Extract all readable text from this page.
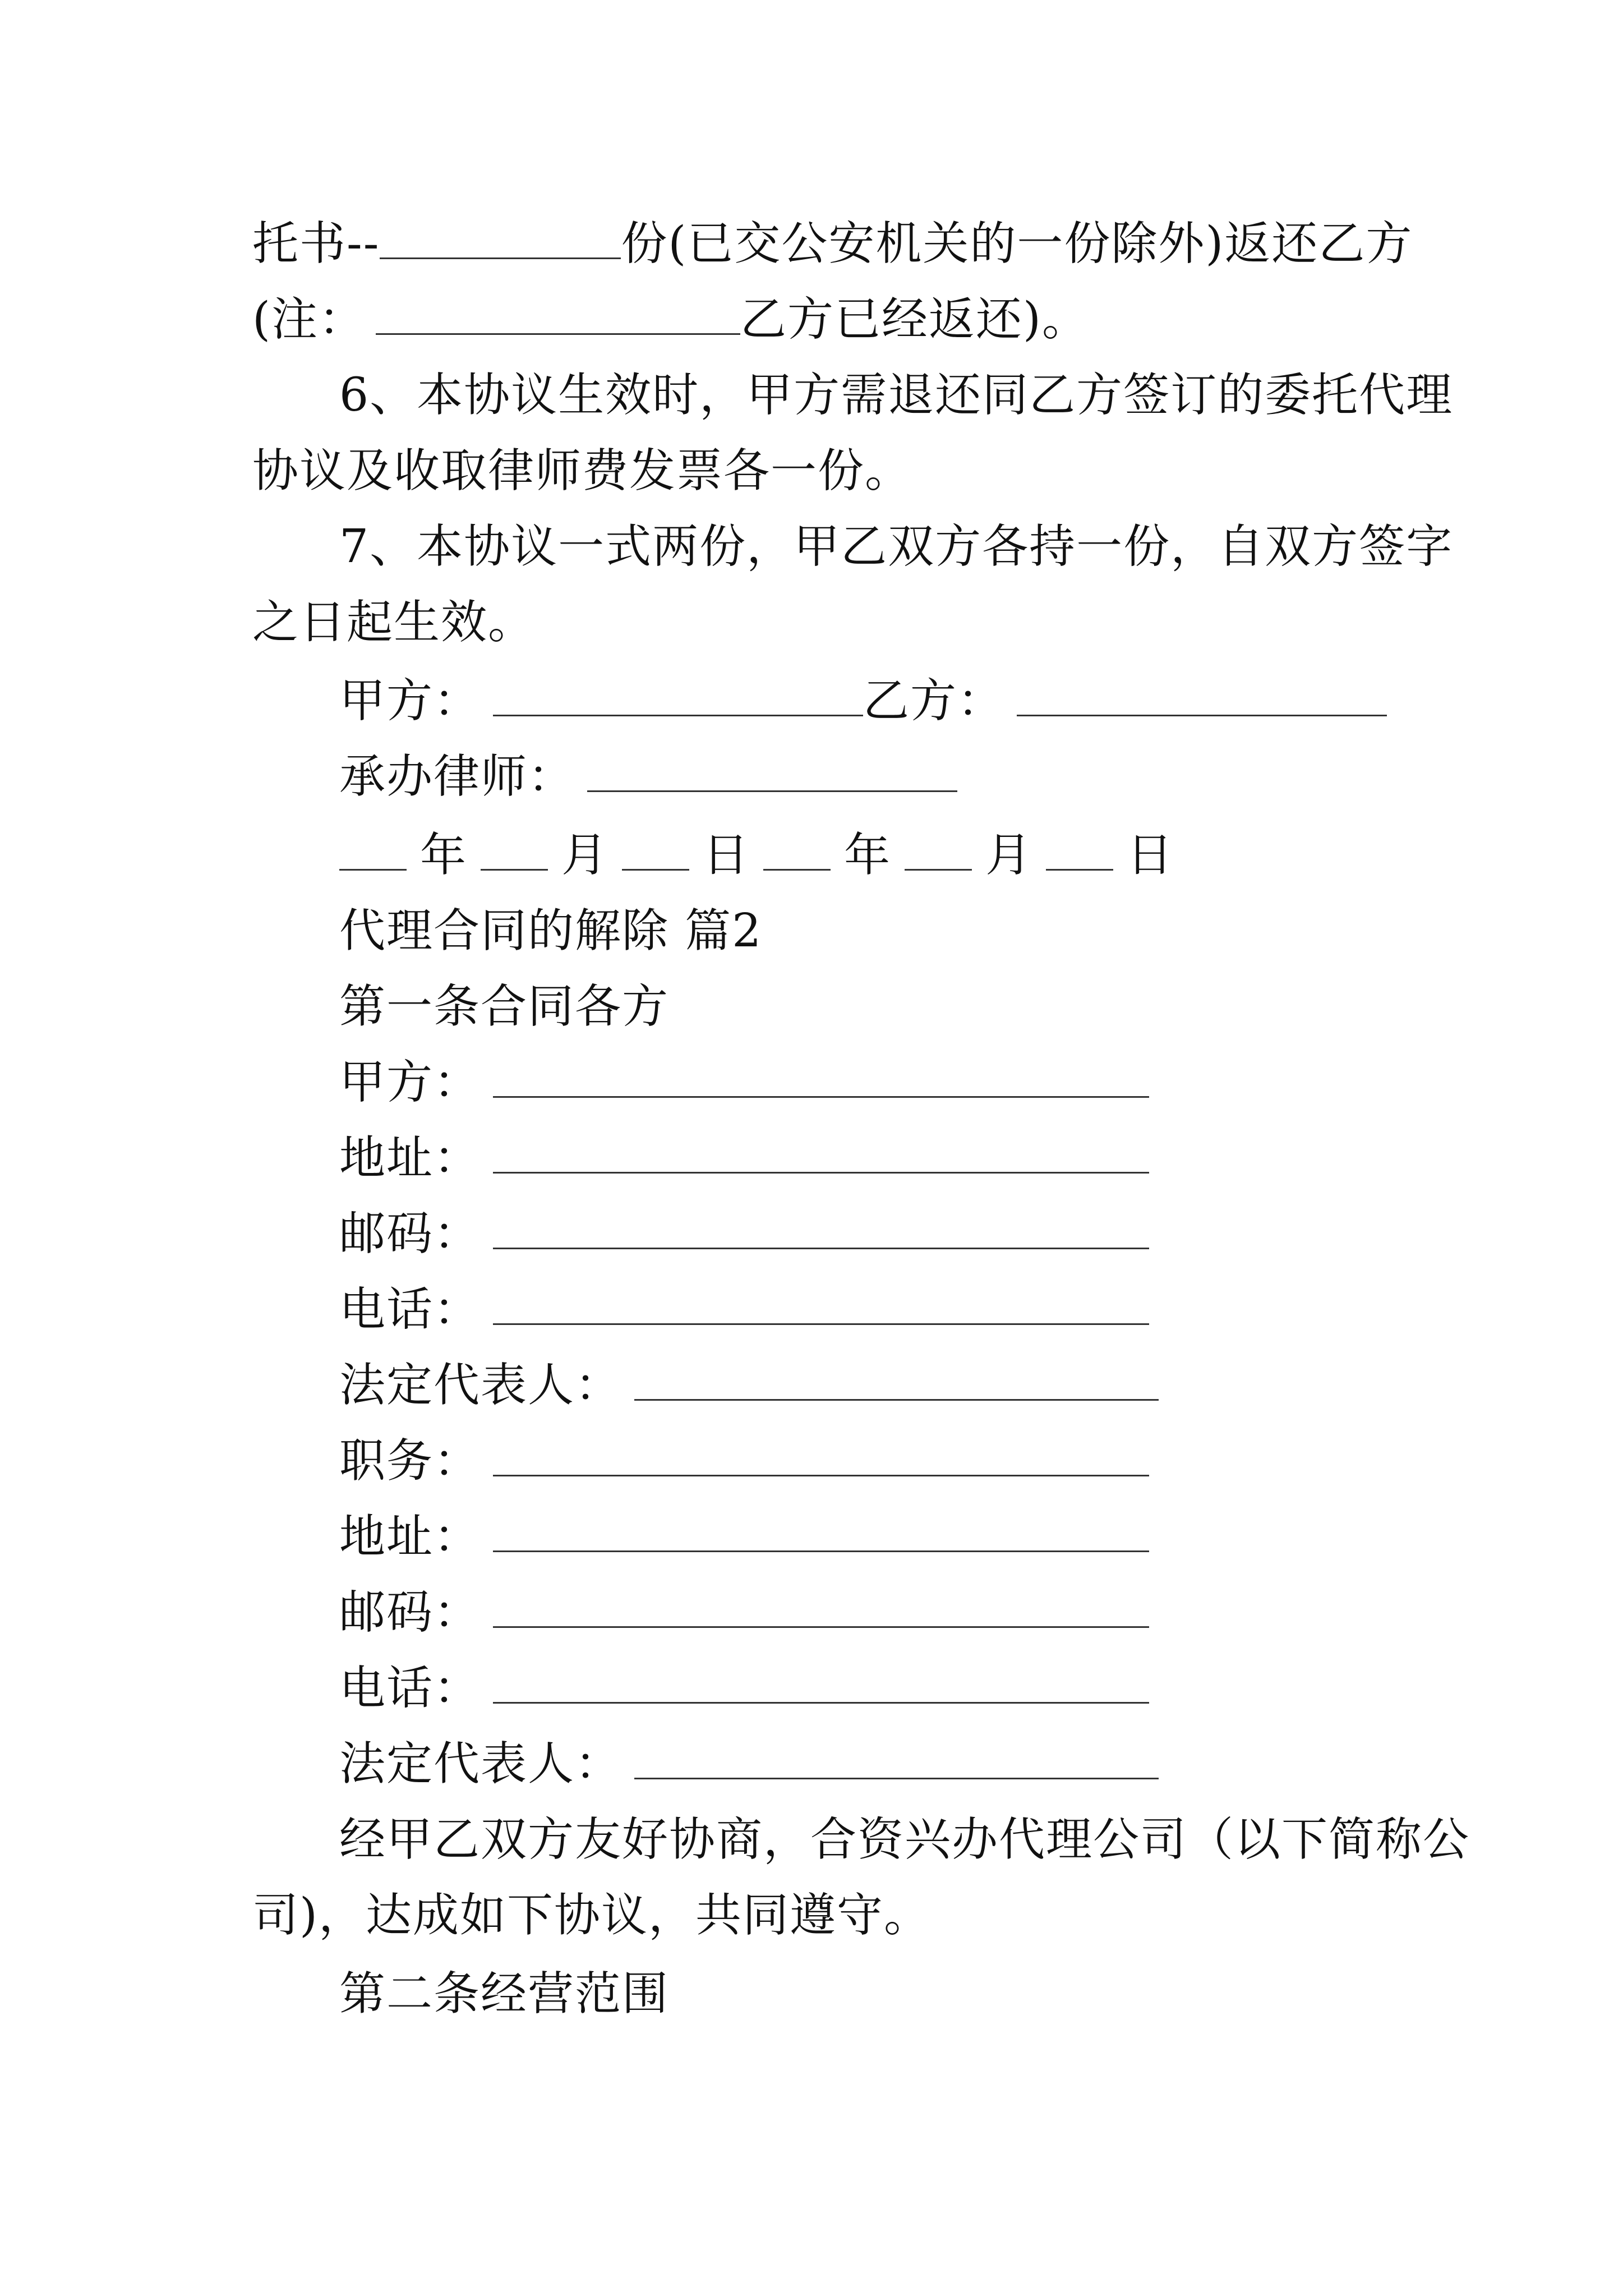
托书--	份(已交公安机关的一份除外)返还乙方
(注：	乙方已经返还)。
6、本协议生效时，甲方需退还同乙方签订的委托代理
协议及收取律师费发票各一份。
7、本协议一式两份，甲乙双方各持一份，自双方签字
之日起生效。
甲方：	乙方：
承办律师：
年 月 日 年 月 日
代理合同的解除 篇2
第一条合同各方
甲方：
地址：
邮码：
电话：
法定代表人：
职务：
地址：
邮码：
电话：
法定代表人：
经甲乙双方友好协商，合资兴办代理公司（以下简称公
司)，达成如下协议，共同遵守。
第二条经营范围
